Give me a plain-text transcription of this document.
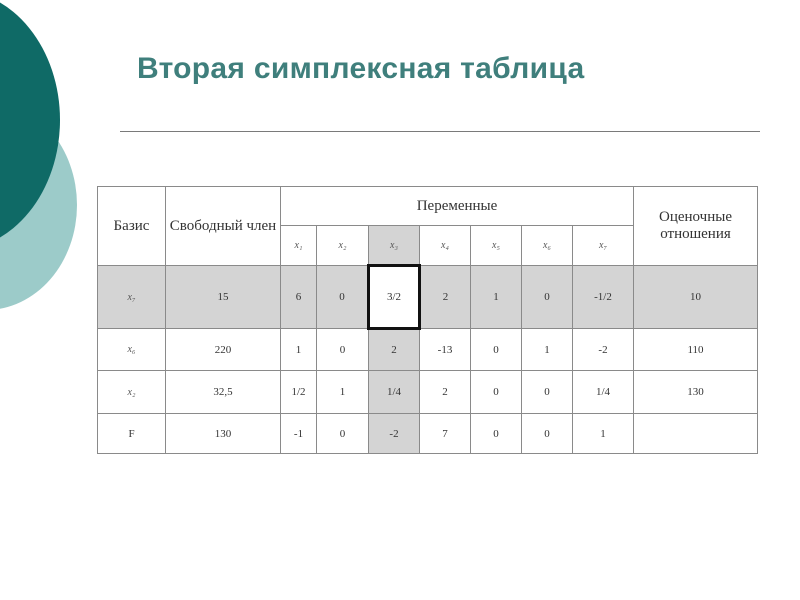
Вторая симплексная таблица
Базис	Свободный член	Переменные							Оценочные отношения
		x₁	x₂	x₃	x₄	x₅	x₆	x₇	
x₇	15	6	0	3/2	2	1	0	-1/2	10
x₆	220	1	0	2	-13	0	1	-2	110
x₂	32,5	1/2	1	1/4	2	0	0	1/4	130
F	130	-1	0	-2	7	0	0	1	
